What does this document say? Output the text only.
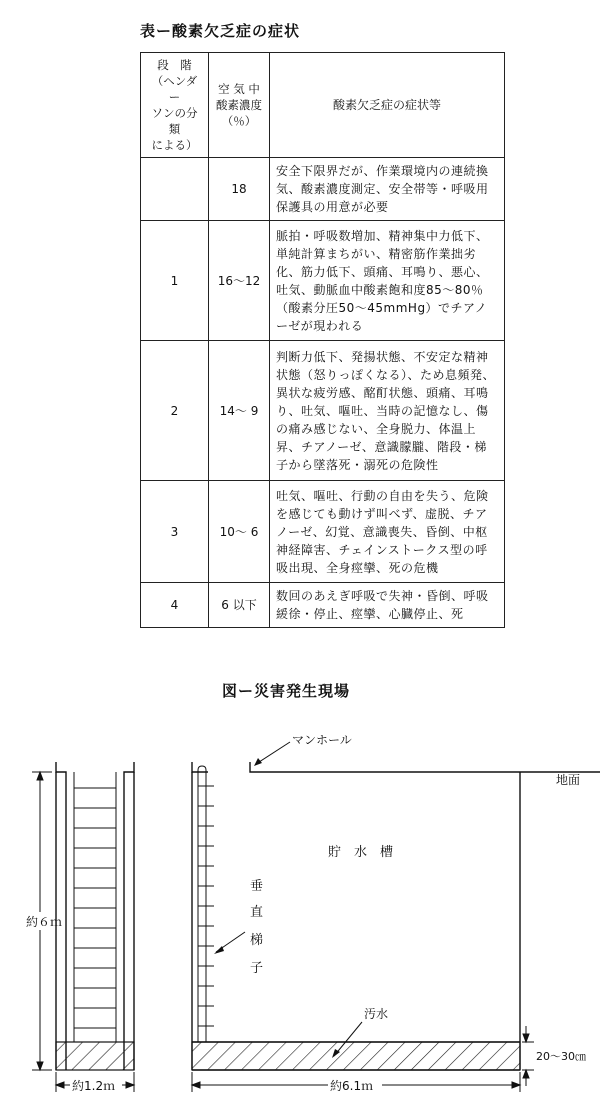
表ー酸素欠乏症の症状
段　階
（ヘンダー
ソンの分類
による）	空 気 中
酸素濃度
（％）	酸素欠乏症の症状等
	18	安全下限界だが、作業環境内の連続換気、酸素濃度測定、安全帯等・呼吸用保護具の用意が必要
1	16〜12	脈拍・呼吸数増加、精神集中力低下、単純計算まちがい、精密筋作業拙劣化、筋力低下、頭痛、耳鳴り、悪心、吐気、動脈血中酸素飽和度85〜80％（酸素分圧50〜45mmHg）でチアノーゼが現われる
2	14〜 9	判断力低下、発揚状態、不安定な精神状態（怒りっぽくなる）、ため息頻発、異状な疲労感、酩酊状態、頭痛、耳鳴り、吐気、嘔吐、当時の記憶なし、傷の痛み感じない、全身脱力、体温上昇、チアノーゼ、意識朦朧、階段・梯子から墜落死・溺死の危険性
3	10〜 6	吐気、嘔吐、行動の自由を失う、危険を感じても動けず叫べず、虚脱、チアノーゼ、幻覚、意識喪失、昏倒、中枢神経障害、チェインストークス型の呼吸出現、全身痙攣、死の危機
4	6 以下	数回のあえぎ呼吸で失神・昏倒、呼吸緩徐・停止、痙攣、心臓停止、死
図ー災害発生現場
約６ｍ
約1.2ｍ
マンホール
地面
貯　水　槽
垂
直
梯
子
汚水
約6.1ｍ
20〜30㎝
